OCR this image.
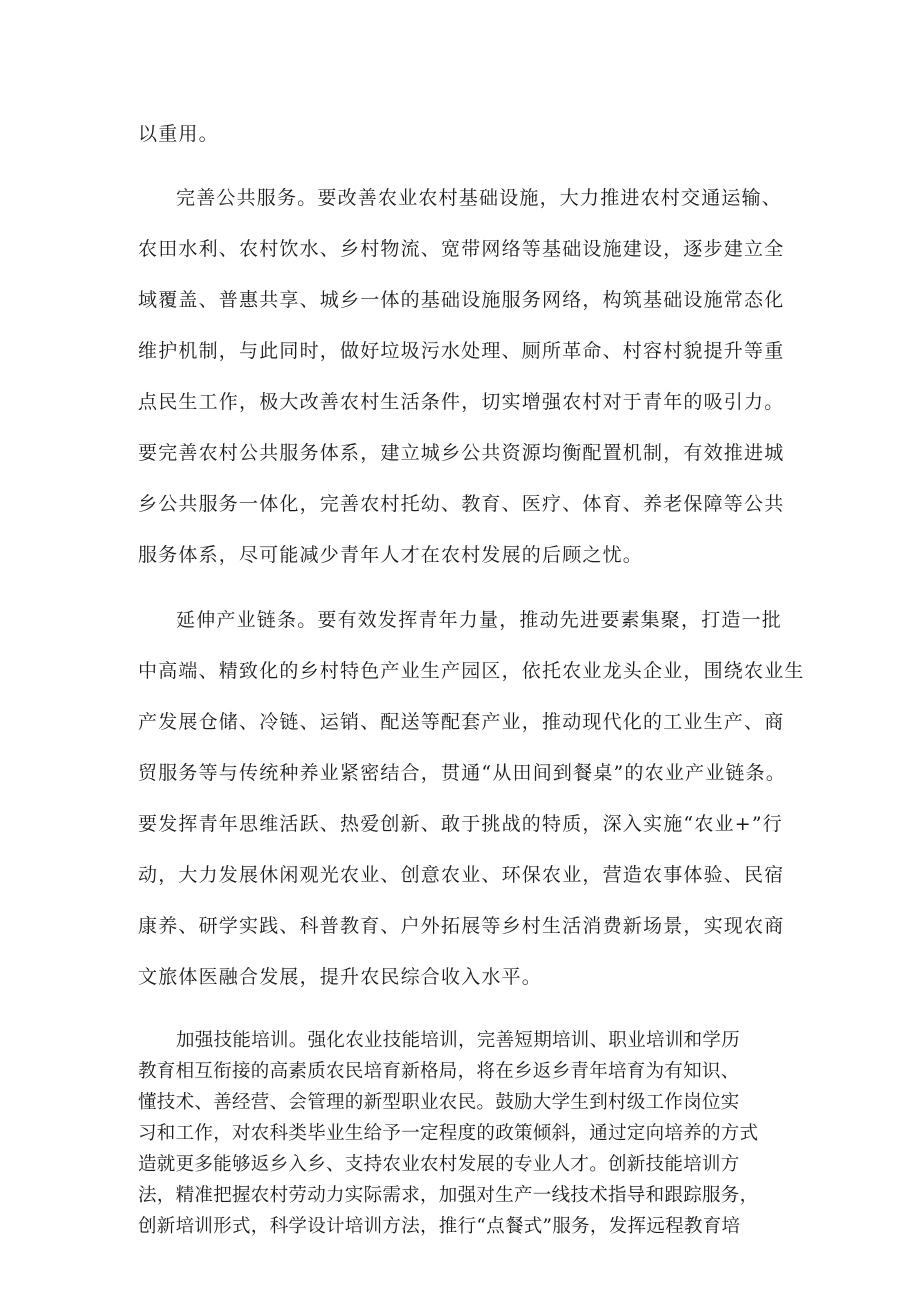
以重用。
完善公共服务。要改善农业农村基础设施，大力推进农村交通运输、
农田水利、农村饮水、乡村物流、宽带网络等基础设施建设，逐步建立全
域覆盖、普惠共享、城乡一体的基础设施服务网络，构筑基础设施常态化
维护机制，与此同时，做好垃圾污水处理、厕所革命、村容村貌提升等重
点民生工作，极大改善农村生活条件，切实增强农村对于青年的吸引力。
要完善农村公共服务体系，建立城乡公共资源均衡配置机制，有效推进城
乡公共服务一体化，完善农村托幼、教育、医疗、体育、养老保障等公共
服务体系，尽可能减少青年人才在农村发展的后顾之忧。
延伸产业链条。要有效发挥青年力量，推动先进要素集聚，打造一批
中高端、精致化的乡村特色产业生产园区，依托农业龙头企业，围绕农业生
产发展仓储、冷链、运销、配送等配套产业，推动现代化的工业生产、商
贸服务等与传统种养业紧密结合，贯通“从田间到餐桌”的农业产业链条。
要发挥青年思维活跃、热爱创新、敢于挑战的特质，深入实施“农业+”行
动，大力发展休闲观光农业、创意农业、环保农业，营造农事体验、民宿
康养、研学实践、科普教育、户外拓展等乡村生活消费新场景，实现农商
文旅体医融合发展，提升农民综合收入水平。
加强技能培训。强化农业技能培训，完善短期培训、职业培训和学历
教育相互衔接的高素质农民培育新格局，将在乡返乡青年培育为有知识、
懂技术、善经营、会管理的新型职业农民。鼓励大学生到村级工作岗位实
习和工作，对农科类毕业生给予一定程度的政策倾斜，通过定向培养的方式
造就更多能够返乡入乡、支持农业农村发展的专业人才。创新技能培训方
法，精准把握农村劳动力实际需求，加强对生产一线技术指导和跟踪服务，
创新培训形式，科学设计培训方法，推行“点餐式”服务，发挥远程教育培
